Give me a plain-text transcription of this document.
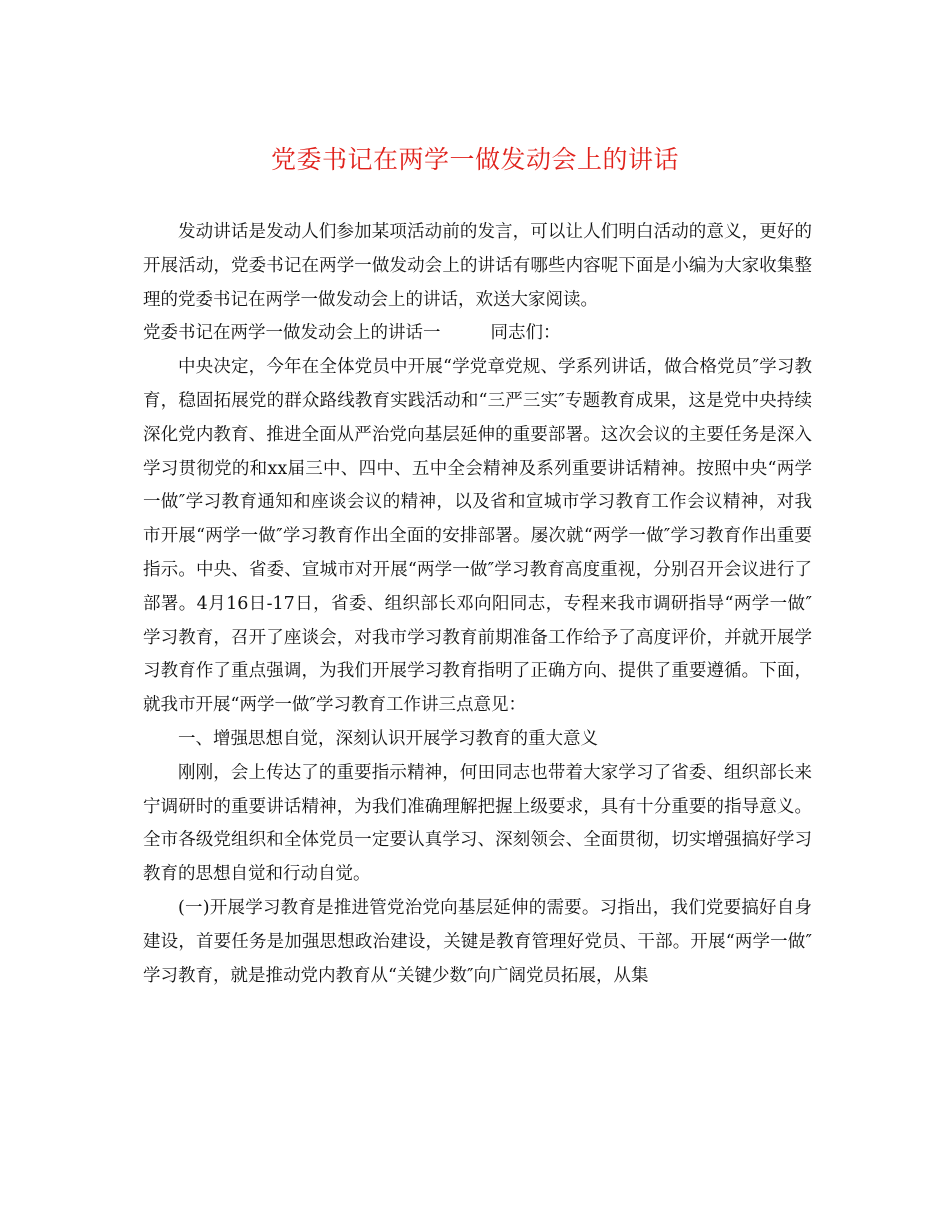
党委书记在两学一做发动会上的讲话

发动讲话是发动人们参加某项活动前的发言，可以让人们明白活动的意义，更好的开展活动，党委书记在两学一做发动会上的讲话有哪些内容呢下面是小编为大家收集整理的党委书记在两学一做发动会上的讲话，欢送大家阅读。

党委书记在两学一做发动会上的讲话一	同志们：

中央决定，今年在全体党员中开展“学党章党规、学系列讲话，做合格党员″学习教育，稳固拓展党的群众路线教育实践活动和“三严三实″专题教育成果，这是党中央持续深化党内教育、推进全面从严治党向基层延伸的重要部署。这次会议的主要任务是深入学习贯彻党的和xx届三中、四中、五中全会精神及系列重要讲话精神。按照中央“两学一做″学习教育通知和座谈会议的精神，以及省和宣城市学习教育工作会议精神，对我市开展“两学一做″学习教育作出全面的安排部署。屡次就“两学一做″学习教育作出重要指示。中央、省委、宣城市对开展“两学一做″学习教育高度重视，分别召开会议进行了部署。4月16日-17日，省委、组织部长邓向阳同志，专程来我市调研指导“两学一做″学习教育，召开了座谈会，对我市学习教育前期准备工作给予了高度评价，并就开展学习教育作了重点强调，为我们开展学习教育指明了正确方向、提供了重要遵循。下面，就我市开展“两学一做″学习教育工作讲三点意见：

一、增强思想自觉，深刻认识开展学习教育的重大意义

刚刚，会上传达了的重要指示精神，何田同志也带着大家学习了省委、组织部长来宁调研时的重要讲话精神，为我们准确理解把握上级要求，具有十分重要的指导意义。全市各级党组织和全体党员一定要认真学习、深刻领会、全面贯彻，切实增强搞好学习教育的思想自觉和行动自觉。

(一)开展学习教育是推进管党治党向基层延伸的需要。习指出，我们党要搞好自身建设，首要任务是加强思想政治建设，关键是教育管理好党员、干部。开展“两学一做″学习教育，就是推动党内教育从“关键少数″向广阔党员拓展，从集
